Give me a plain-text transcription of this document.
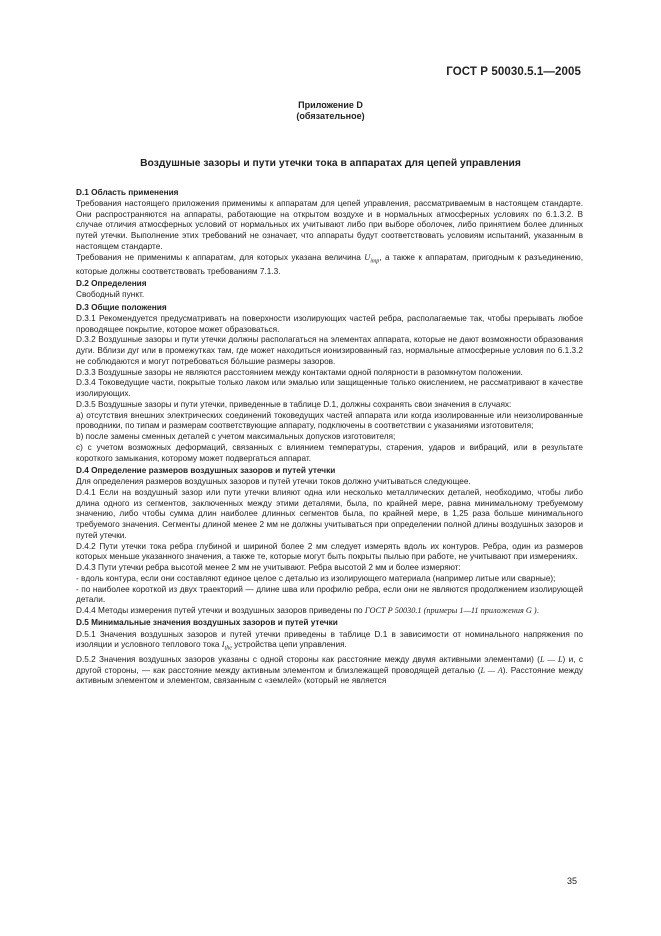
ГОСТ Р 50030.5.1—2005
Приложение D
(обязательное)
Воздушные зазоры и пути утечки тока в аппаратах для цепей управления

D.1 Область применения

Требования настоящего приложения применимы к аппаратам для цепей управления, рассматриваемым в настоящем стандарте. Они распространяются на аппараты, работающие на открытом воздухе и в нормальных атмосферных условиях по 6.1.3.2. В случае отличия атмосферных условий от нормальных их учитывают либо при выборе оболочек, либо принятием более длинных путей утечки. Выполнение этих требований не означает, что аппараты будут соответствовать условиям испытаний, указанным в настоящем стандарте.

Требования не применимы к аппаратам, для которых указана величина $U_{imp}$, а также к аппаратам, пригодным к разъединению, которые должны соответствовать требованиям 7.1.3.

D.2 Определения

Свободный пункт.

D.3 Общие положения

D.3.1 Рекомендуется предусматривать на поверхности изолирующих частей ребра, располагаемые так, чтобы прерывать любое проводящее покрытие, которое может образоваться.

D.3.2 Воздушные зазоры и пути утечки должны располагаться на элементах аппарата, которые не дают возможности образования дуги. Вблизи дуг или в промежутках там, где может находиться ионизированный газ, нормальные атмосферные условия по 6.1.3.2 не соблюдаются и могут потребоваться бо́льшие размеры зазоров.

D.3.3 Воздушные зазоры не являются расстоянием между контактами одной полярности в разомкнутом положении.

D.3.4 Токоведущие части, покрытые только лаком или эмалью или защищенные только окислением, не рассматривают в качестве изолирующих.

D.3.5 Воздушные зазоры и пути утечки, приведенные в таблице D.1, должны сохранять свои значения в случаях:

а) отсутствия внешних электрических соединений токоведущих частей аппарата или когда изолированные или неизолированные проводники, по типам и размерам соответствующие аппарату, подключены в соответствии с указаниями изготовителя;

b) после замены сменных деталей с учетом максимальных допусков изготовителя;

с) с учетом возможных деформаций, связанных с влиянием температуры, старения, ударов и вибраций, или в результате короткого замыкания, которому может подвергаться аппарат.

D.4 Определение размеров воздушных зазоров и путей утечки

Для определения размеров воздушных зазоров и путей утечки токов должно учитываться следующее.

D.4.1 Если на воздушный зазор или пути утечки влияют одна или несколько металлических деталей, необходимо, чтобы либо длина одного из сегментов, заключенных между этими деталями, была, по крайней мере, равна минимальному требуемому значению, либо чтобы сумма длин наиболее длинных сегментов была, по крайней мере, в 1,25 раза больше минимального требуемого значения. Сегменты длиной менее 2 мм не должны учитываться при определении полной длины воздушных зазоров и путей утечки.

D.4.2 Пути утечки тока ребра глубиной и шириной более 2 мм следует измерять вдоль их контуров. Ребра, один из размеров которых меньше указанного значения, а также те, которые могут быть покрыты пылью при работе, не учитывают при измерениях.

D.4.3 Пути утечки ребра высотой менее 2 мм не учитывают. Ребра высотой 2 мм и более измеряют:

- вдоль контура, если они составляют единое целое с деталью из изолирующего материала (например литые или сварные);

- по наиболее короткой из двух траекторий — длине шва или профилю ребра, если они не являются продолжением изолирующей детали.

D.4.4 Методы измерения путей утечки и воздушных зазоров приведены по ГОСТ Р 50030.1 (примеры 1—11 приложения G ).

D.5 Минимальные значения воздушных зазоров и путей утечки

D.5.1 Значения воздушных зазоров и путей утечки приведены в таблице D.1 в зависимости от номинального напряжения по изоляции и условного теплового тока $I_{the}$ устройства цепи управления.

D.5.2 Значения воздушных зазоров указаны с одной стороны как расстояние между двумя активными элементами) (L — L) и, с другой стороны, — как расстояние между активным элементом и близлежащей проводящей деталью (L — A). Расстояние между активным элементом и элементом, связанным с «землей» (который не является

35
